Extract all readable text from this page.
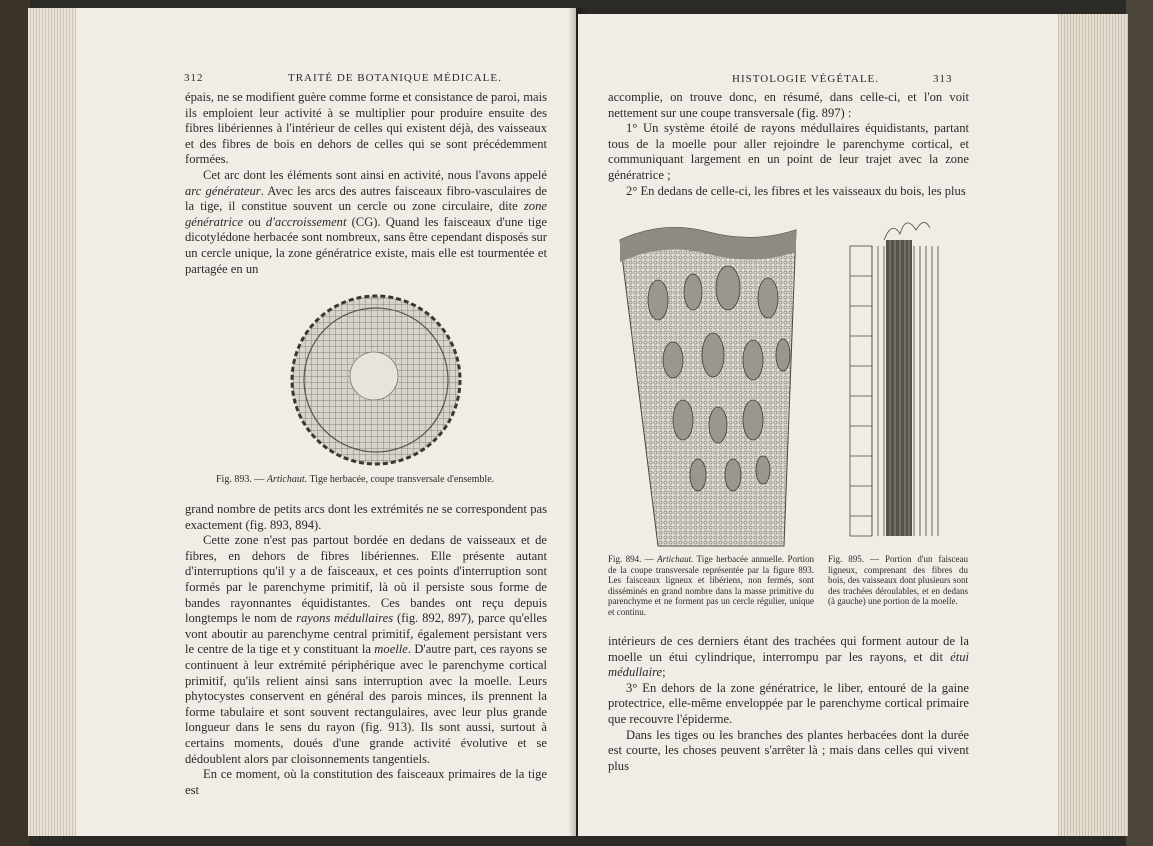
312	TRAITÉ DE BOTANIQUE MÉDICALE.

épais, ne se modifient guère comme forme et consistance de paroi, mais ils emploient leur activité à se multiplier pour produire ensuite des fibres libériennes à l'intérieur de celles qui existent déjà, des vaisseaux et des fibres de bois en dehors de celles qui se sont précédemment formées.

Cet arc dont les éléments sont ainsi en activité, nous l'avons appelé arc générateur. Avec les arcs des autres faisceaux fibro-vasculaires de la tige, il constitue souvent un cercle ou zone circulaire, dite zone génératrice ou d'accroissement (CG). Quand les faisceaux d'une tige dicotylédone herbacée sont nombreux, sans être cependant disposés sur un cercle unique, la zone génératrice existe, mais elle est tourmentée et partagée en un

Fig. 893. — Artichaut. Tige herbacée, coupe transversale d'ensemble.

grand nombre de petits arcs dont les extrémités ne se correspondent pas exactement (fig. 893, 894).

Cette zone n'est pas partout bordée en dedans de vaisseaux et de fibres, en dehors de fibres libériennes. Elle présente autant d'interruptions qu'il y a de faisceaux, et ces points d'interruption sont formés par le parenchyme primitif, là où il persiste sous forme de bandes rayonnantes équidistantes. Ces bandes ont reçu depuis longtemps le nom de rayons médullaires (fig. 892, 897), parce qu'elles vont aboutir au parenchyme central primitif, également persistant vers le centre de la tige et y constituant la moelle. D'autre part, ces rayons se continuent à leur extrémité périphérique avec le parenchyme cortical primitif, qu'ils relient ainsi sans interruption avec la moelle. Leurs phytocystes conservent en général des parois minces, ils prennent la forme tabulaire et sont souvent rectangulaires, avec leur plus grande longueur dans le sens du rayon (fig. 913). Ils sont aussi, surtout à certains moments, doués d'une grande activité évolutive et se dédoublent alors par cloisonnements tangentiels.

En ce moment, où la constitution des faisceaux primaires de la tige est

HISTOLOGIE VÉGÉTALE.	313

accomplie, on trouve donc, en résumé, dans celle-ci, et l'on voit nettement sur une coupe transversale (fig. 897) :

1° Un système étoilé de rayons médullaires équidistants, partant tous de la moelle pour aller rejoindre le parenchyme cortical, et communiquant largement en un point de leur trajet avec la zone génératrice ;

2° En dedans de celle-ci, les fibres et les vaisseaux du bois, les plus

Fig. 894. — Artichaut. Tige herbacée annuelle. Portion de la coupe transversale représentée par la figure 893. Les faisceaux ligneux et libériens, non fermés, sont disséminés en grand nombre dans la masse primitive du parenchyme et ne forment pas un cercle régulier, unique et continu.
Fig. 895. — Portion d'un faisceau ligneux, comprenant des fibres du bois, des vaisseaux dont plusieurs sont des trachées déroulables, et en dedans (à gauche) une portion de la moelle.

intérieurs de ces derniers étant des trachées qui forment autour de la moelle un étui cylindrique, interrompu par les rayons, et dit étui médullaire;

3° En dehors de la zone génératrice, le liber, entouré de la gaine protectrice, elle-même enveloppée par le parenchyme cortical primaire que recouvre l'épiderme.

Dans les tiges ou les branches des plantes herbacées dont la durée est courte, les choses peuvent s'arrêter là ; mais dans celles qui vivent plus
